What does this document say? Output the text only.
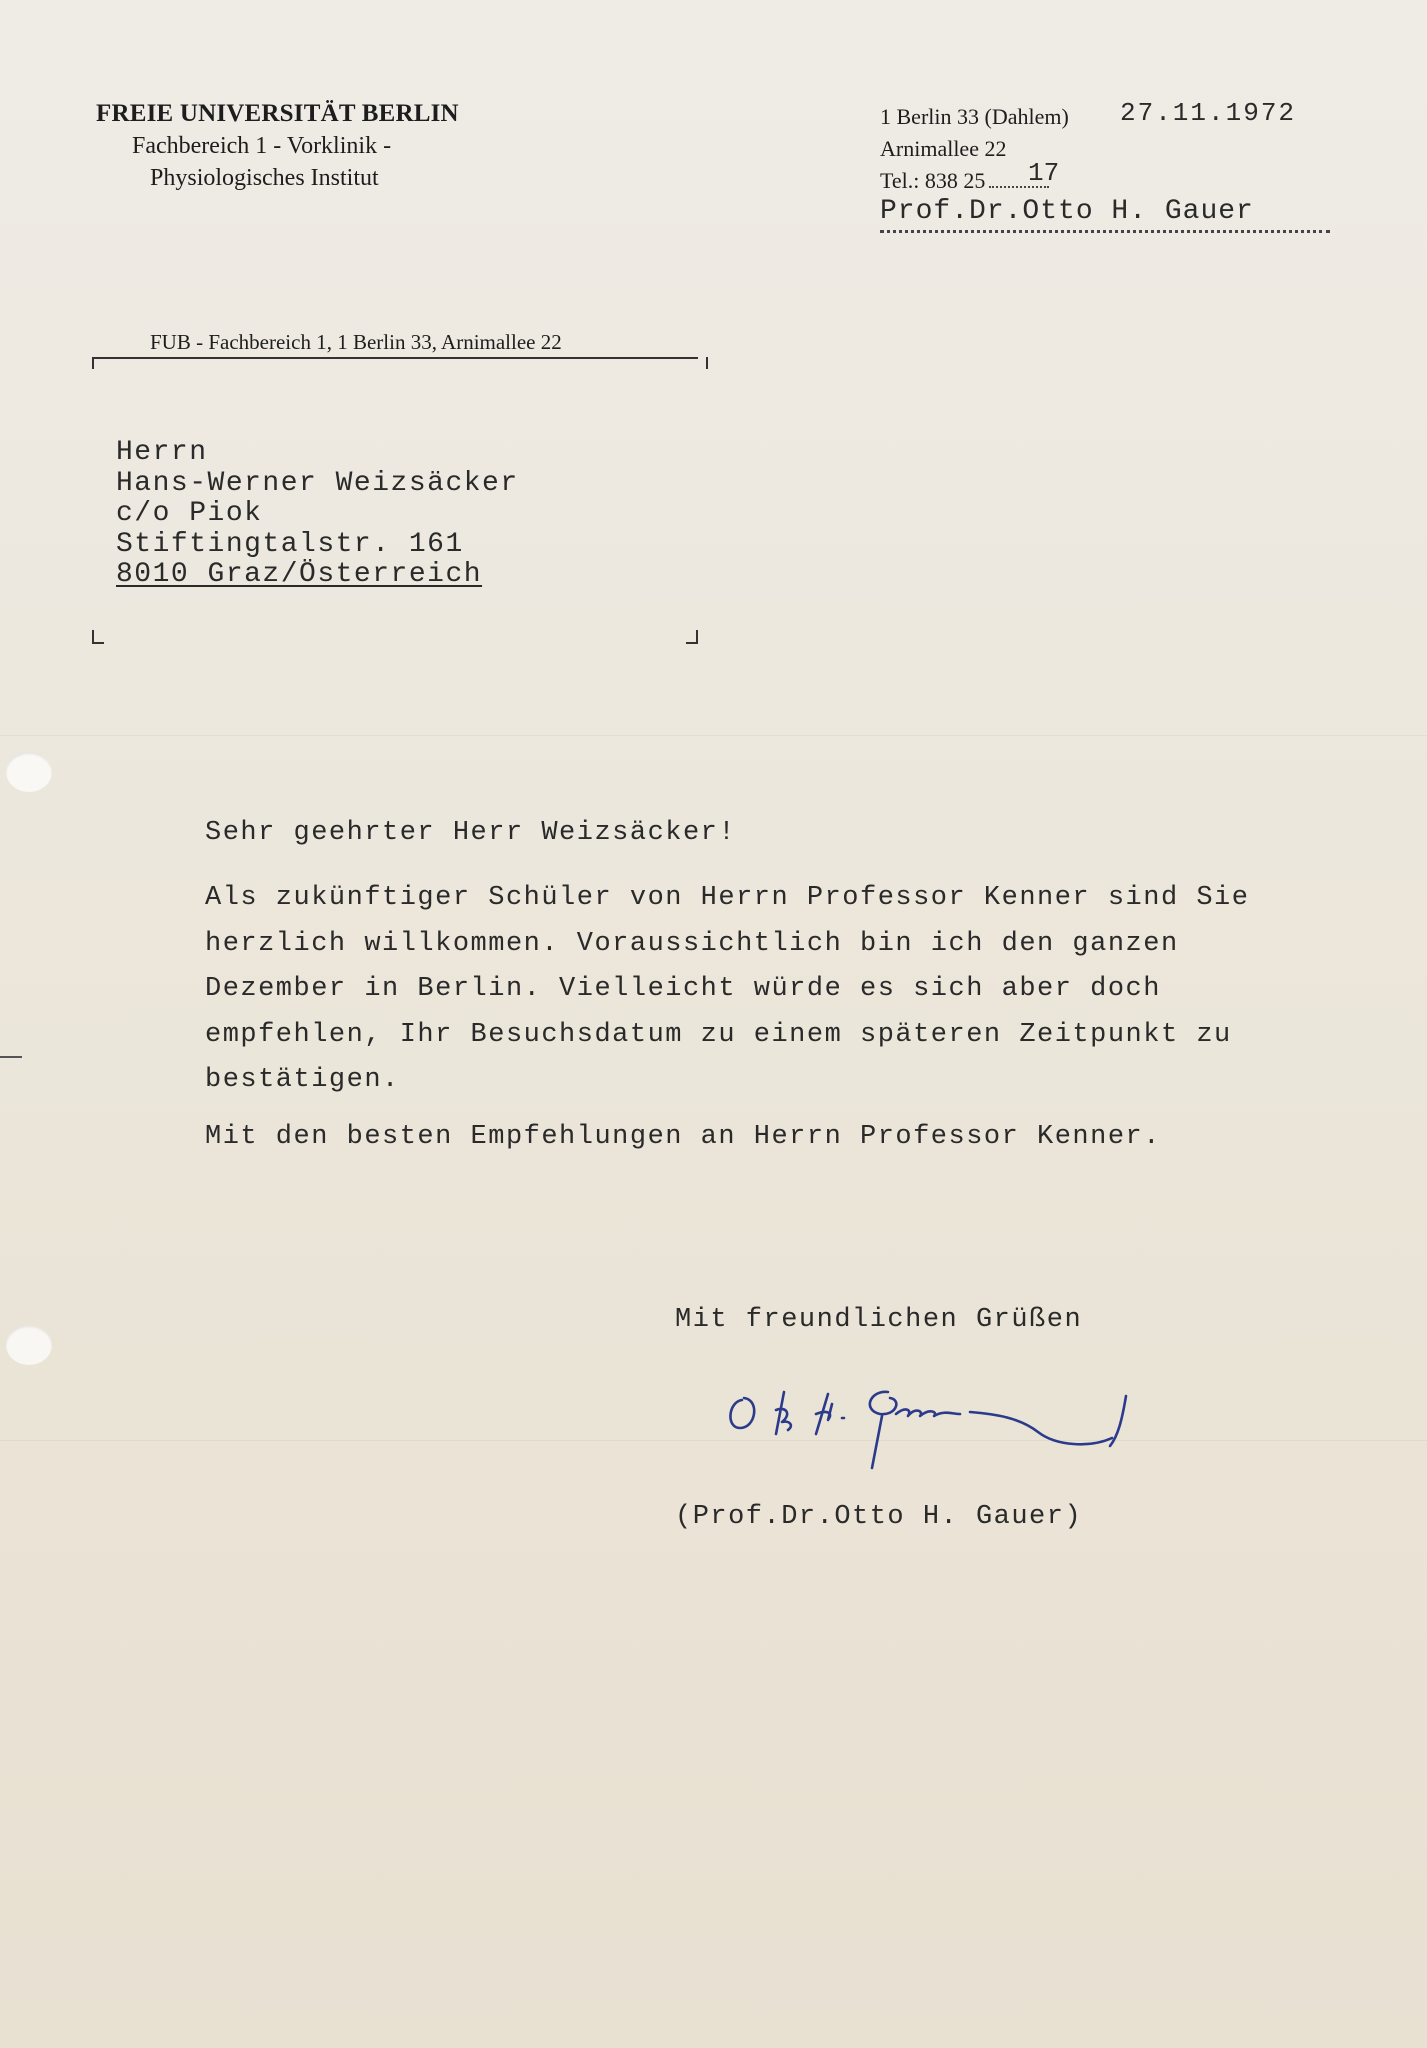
FREIE UNIVERSITÄT BERLIN
Fachbereich 1 - Vorklinik -
Physiologisches Institut
1 Berlin 33 (Dahlem) 27.11.1972
Arnimallee 22
Tel.: 838 25	17
Prof.Dr.Otto H. Gauer
FUB - Fachbereich 1, 1 Berlin 33, Arnimallee 22
Herrn
Hans-Werner Weizsäcker
c/o Piok
Stiftingtalstr. 161
8010 Graz/Österreich
Sehr geehrter Herr Weizsäcker!
Als zukünftiger Schüler von Herrn Professor Kenner sind Sie
herzlich willkommen. Voraussichtlich bin ich den ganzen
Dezember in Berlin. Vielleicht würde es sich aber doch
empfehlen, Ihr Besuchsdatum zu einem späteren Zeitpunkt zu
bestätigen.
Mit den besten Empfehlungen an Herrn Professor Kenner.
Mit freundlichen Grüßen
(Prof.Dr.Otto H. Gauer)
